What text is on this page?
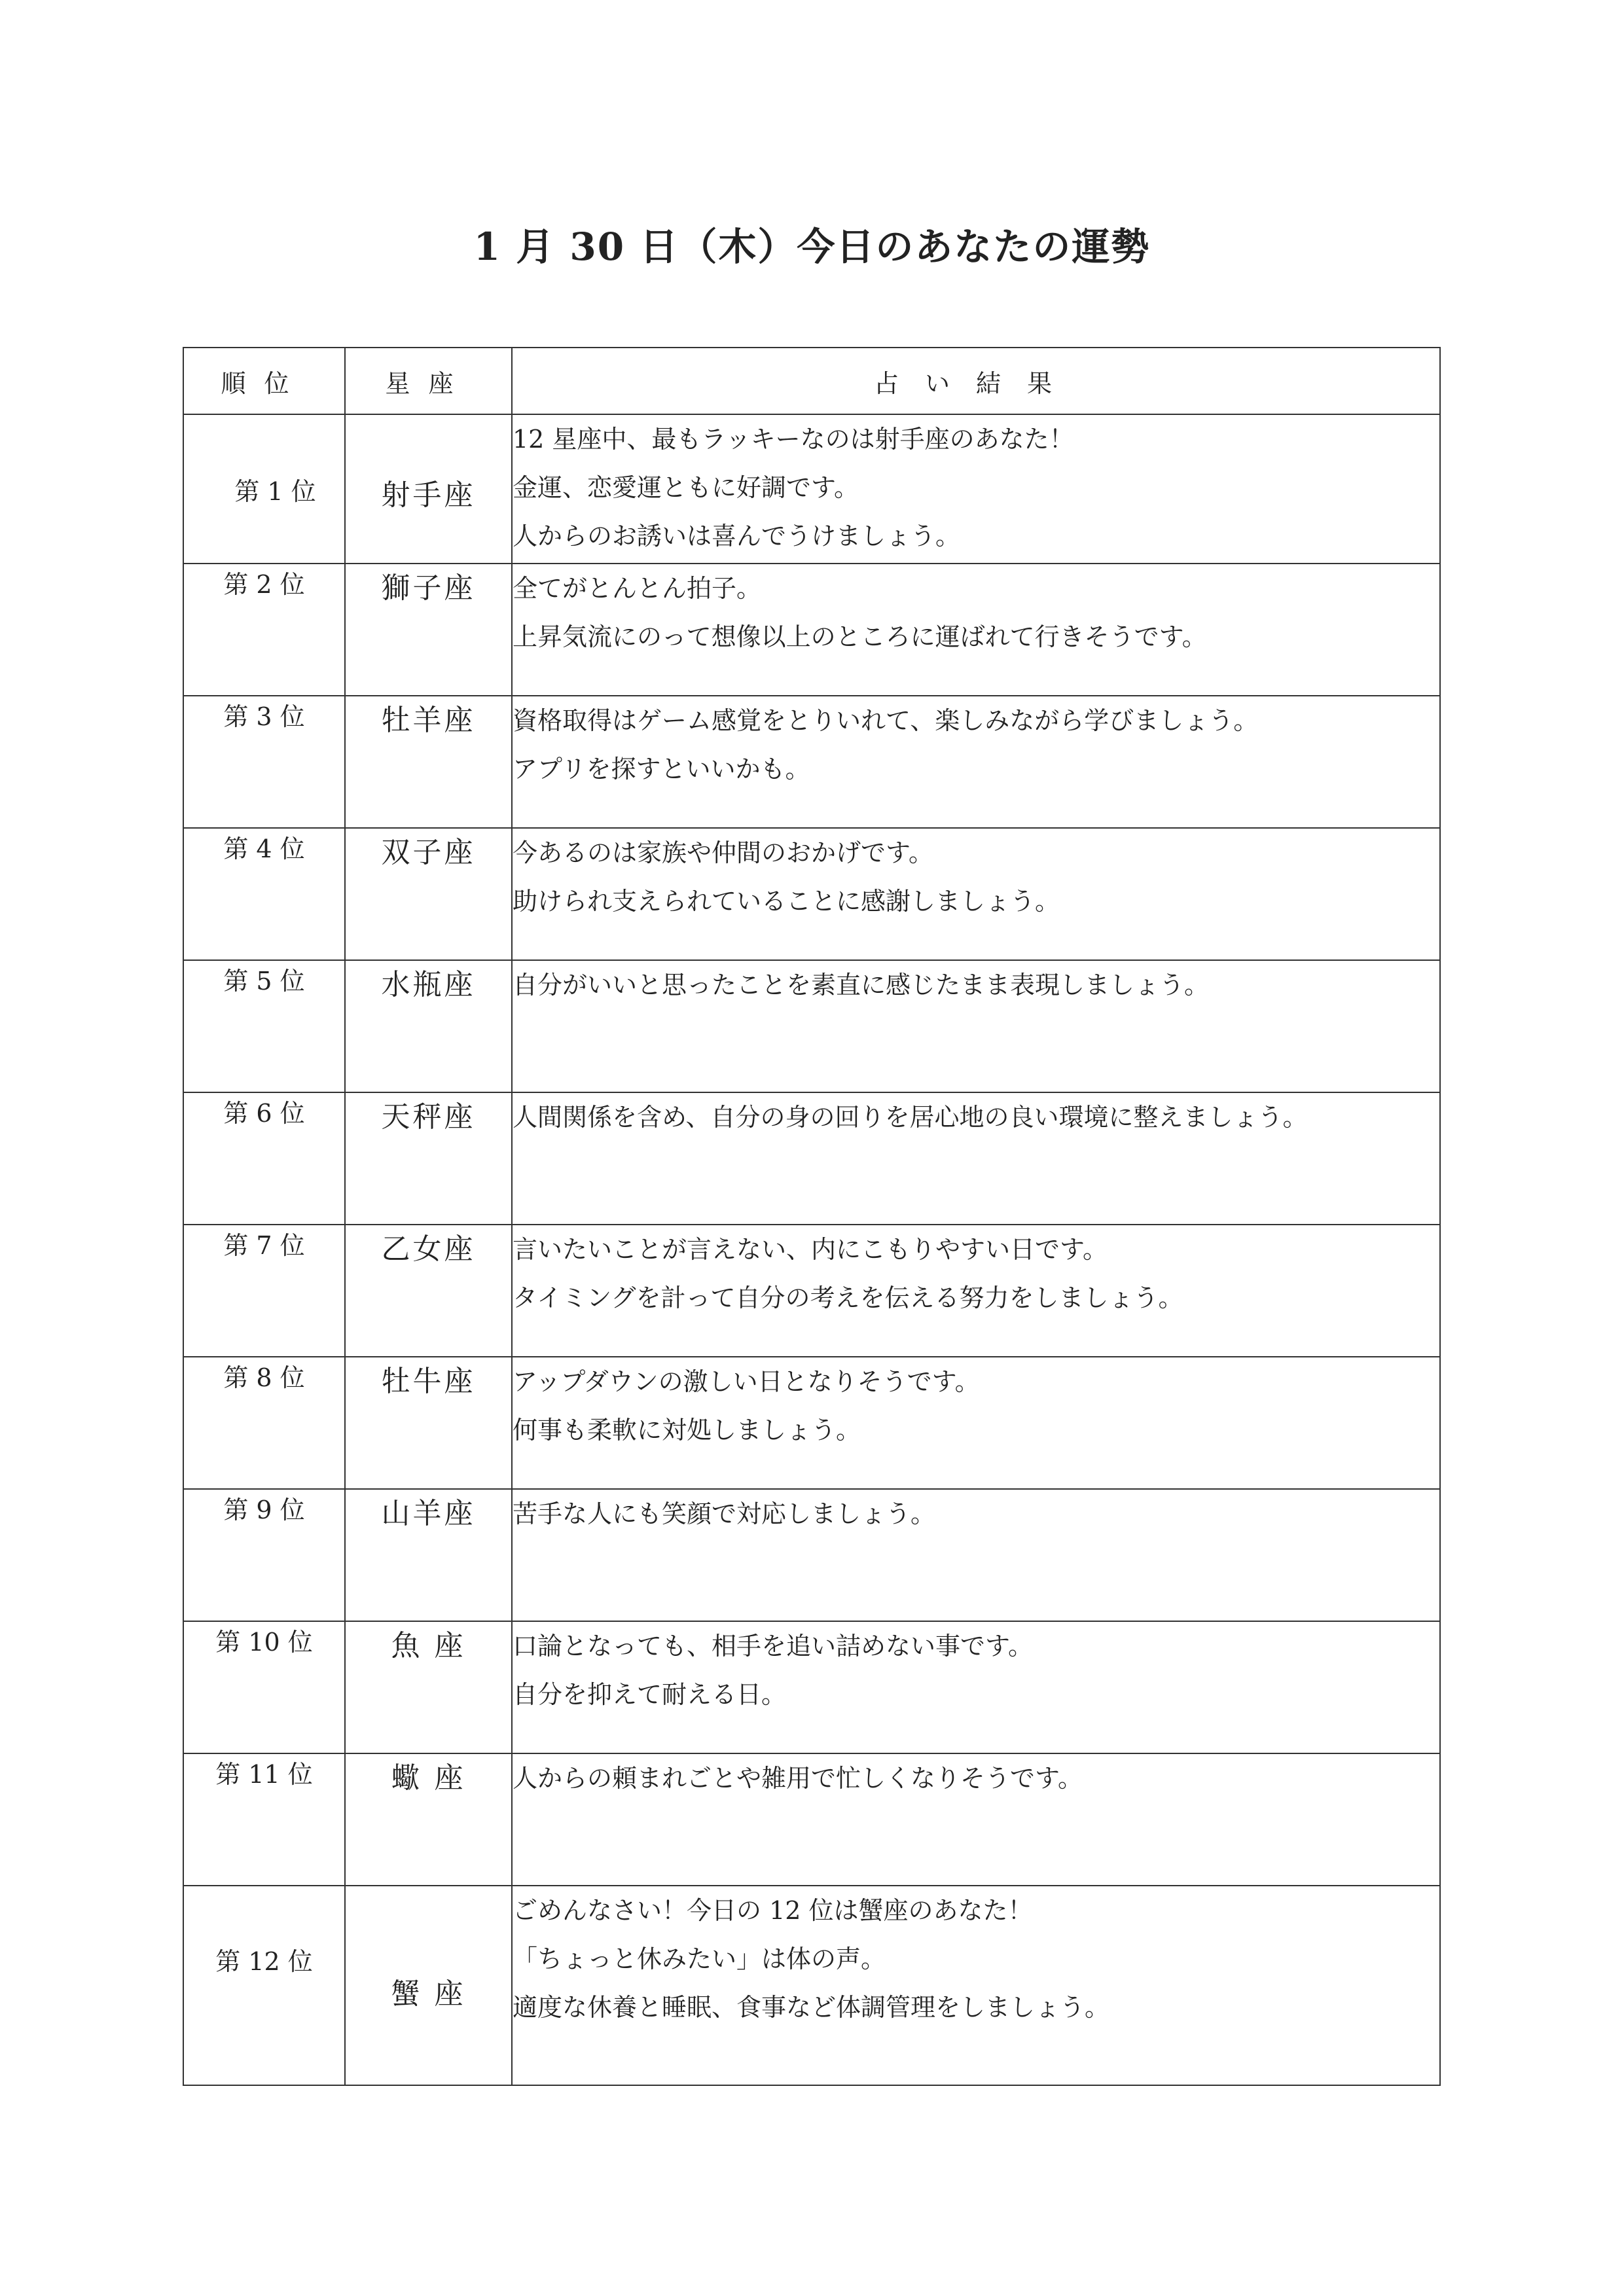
1 月 30 日（木）今日のあなたの運勢
順位	星座	占い結果
第 1 位	射手座	12 星座中、最もラッキーなのは射手座のあなた！
金運、恋愛運ともに好調です。
人からのお誘いは喜んでうけましょう。

第 2 位	獅子座	全てがとんとん拍子。
上昇気流にのって想像以上のところに運ばれて行きそうです。

第 3 位	牡羊座	資格取得はゲーム感覚をとりいれて、楽しみながら学びましょう。
アプリを探すといいかも。

第 4 位	双子座	今あるのは家族や仲間のおかげです。
助けられ支えられていることに感謝しましょう。

第 5 位	水瓶座	自分がいいと思ったことを素直に感じたまま表現しましょう。

第 6 位	天秤座	人間関係を含め、自分の身の回りを居心地の良い環境に整えましょう。

第 7 位	乙女座	言いたいことが言えない、内にこもりやすい日です。
タイミングを計って自分の考えを伝える努力をしましょう。

第 8 位	牡牛座	アップダウンの激しい日となりそうです。
何事も柔軟に対処しましょう。

第 9 位	山羊座	苦手な人にも笑顔で対応しましょう。

第 10 位	魚 座	口論となっても、相手を追い詰めない事です。
自分を抑えて耐える日。

第 11 位	蠍 座	人からの頼まれごとや雑用で忙しくなりそうです。

第 12 位	蟹 座	ごめんなさい！今日の 12 位は蟹座のあなた！
「ちょっと休みたい」は体の声。
適度な休養と睡眠、食事など体調管理をしましょう。
